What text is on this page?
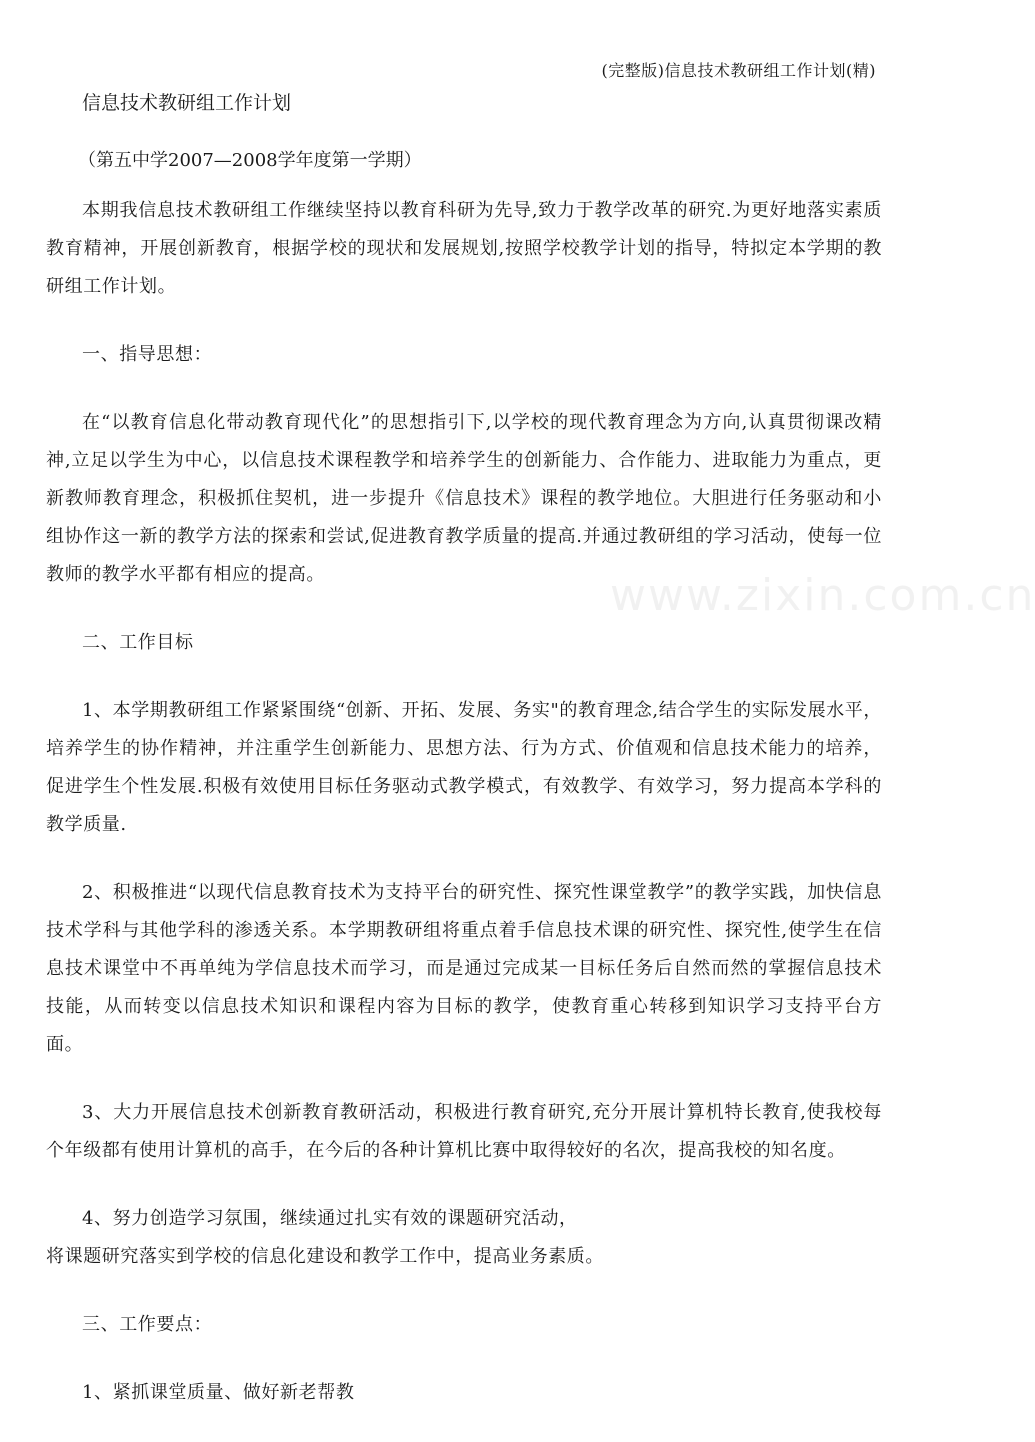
(完整版)信息技术教研组工作计划(精)
信息技术教研组工作计划
（第五中学2007—2008学年度第一学期）
www.zixin.com.cn

本期我信息技术教研组工作继续坚持以教育科研为先导,致力于教学改革的研究.为更好地落实素质教育精神，开展创新教育，根据学校的现状和发展规划,按照学校教学计划的指导，特拟定本学期的教研组工作计划。

一、指导思想：

在“以教育信息化带动教育现代化”的思想指引下,以学校的现代教育理念为方向,认真贯彻课改精神,立足以学生为中心，以信息技术课程教学和培养学生的创新能力、合作能力、进取能力为重点，更新教师教育理念，积极抓住契机，进一步提升《信息技术》课程的教学地位。大胆进行任务驱动和小组协作这一新的教学方法的探索和尝试,促进教育教学质量的提高.并通过教研组的学习活动，使每一位教师的教学水平都有相应的提高。

二、工作目标

1、本学期教研组工作紧紧围绕“创新、开拓、发展、务实"的教育理念,结合学生的实际发展水平，培养学生的协作精神，并注重学生创新能力、思想方法、行为方式、价值观和信息技术能力的培养，促进学生个性发展.积极有效使用目标任务驱动式教学模式，有效教学、有效学习，努力提高本学科的教学质量.

2、积极推进“以现代信息教育技术为支持平台的研究性、探究性课堂教学”的教学实践，加快信息技术学科与其他学科的渗透关系。本学期教研组将重点着手信息技术课的研究性、探究性,使学生在信息技术课堂中不再单纯为学信息技术而学习，而是通过完成某一目标任务后自然而然的掌握信息技术技能，从而转变以信息技术知识和课程内容为目标的教学，使教育重心转移到知识学习支持平台方面。

3、大力开展信息技术创新教育教研活动，积极进行教育研究,充分开展计算机特长教育,使我校每个年级都有使用计算机的高手，在今后的各种计算机比赛中取得较好的名次，提高我校的知名度。

4、努力创造学习氛围，继续通过扎实有效的课题研究活动，
将课题研究落实到学校的信息化建设和教学工作中，提高业务素质。

三、工作要点：

1、紧抓课堂质量、做好新老帮教
